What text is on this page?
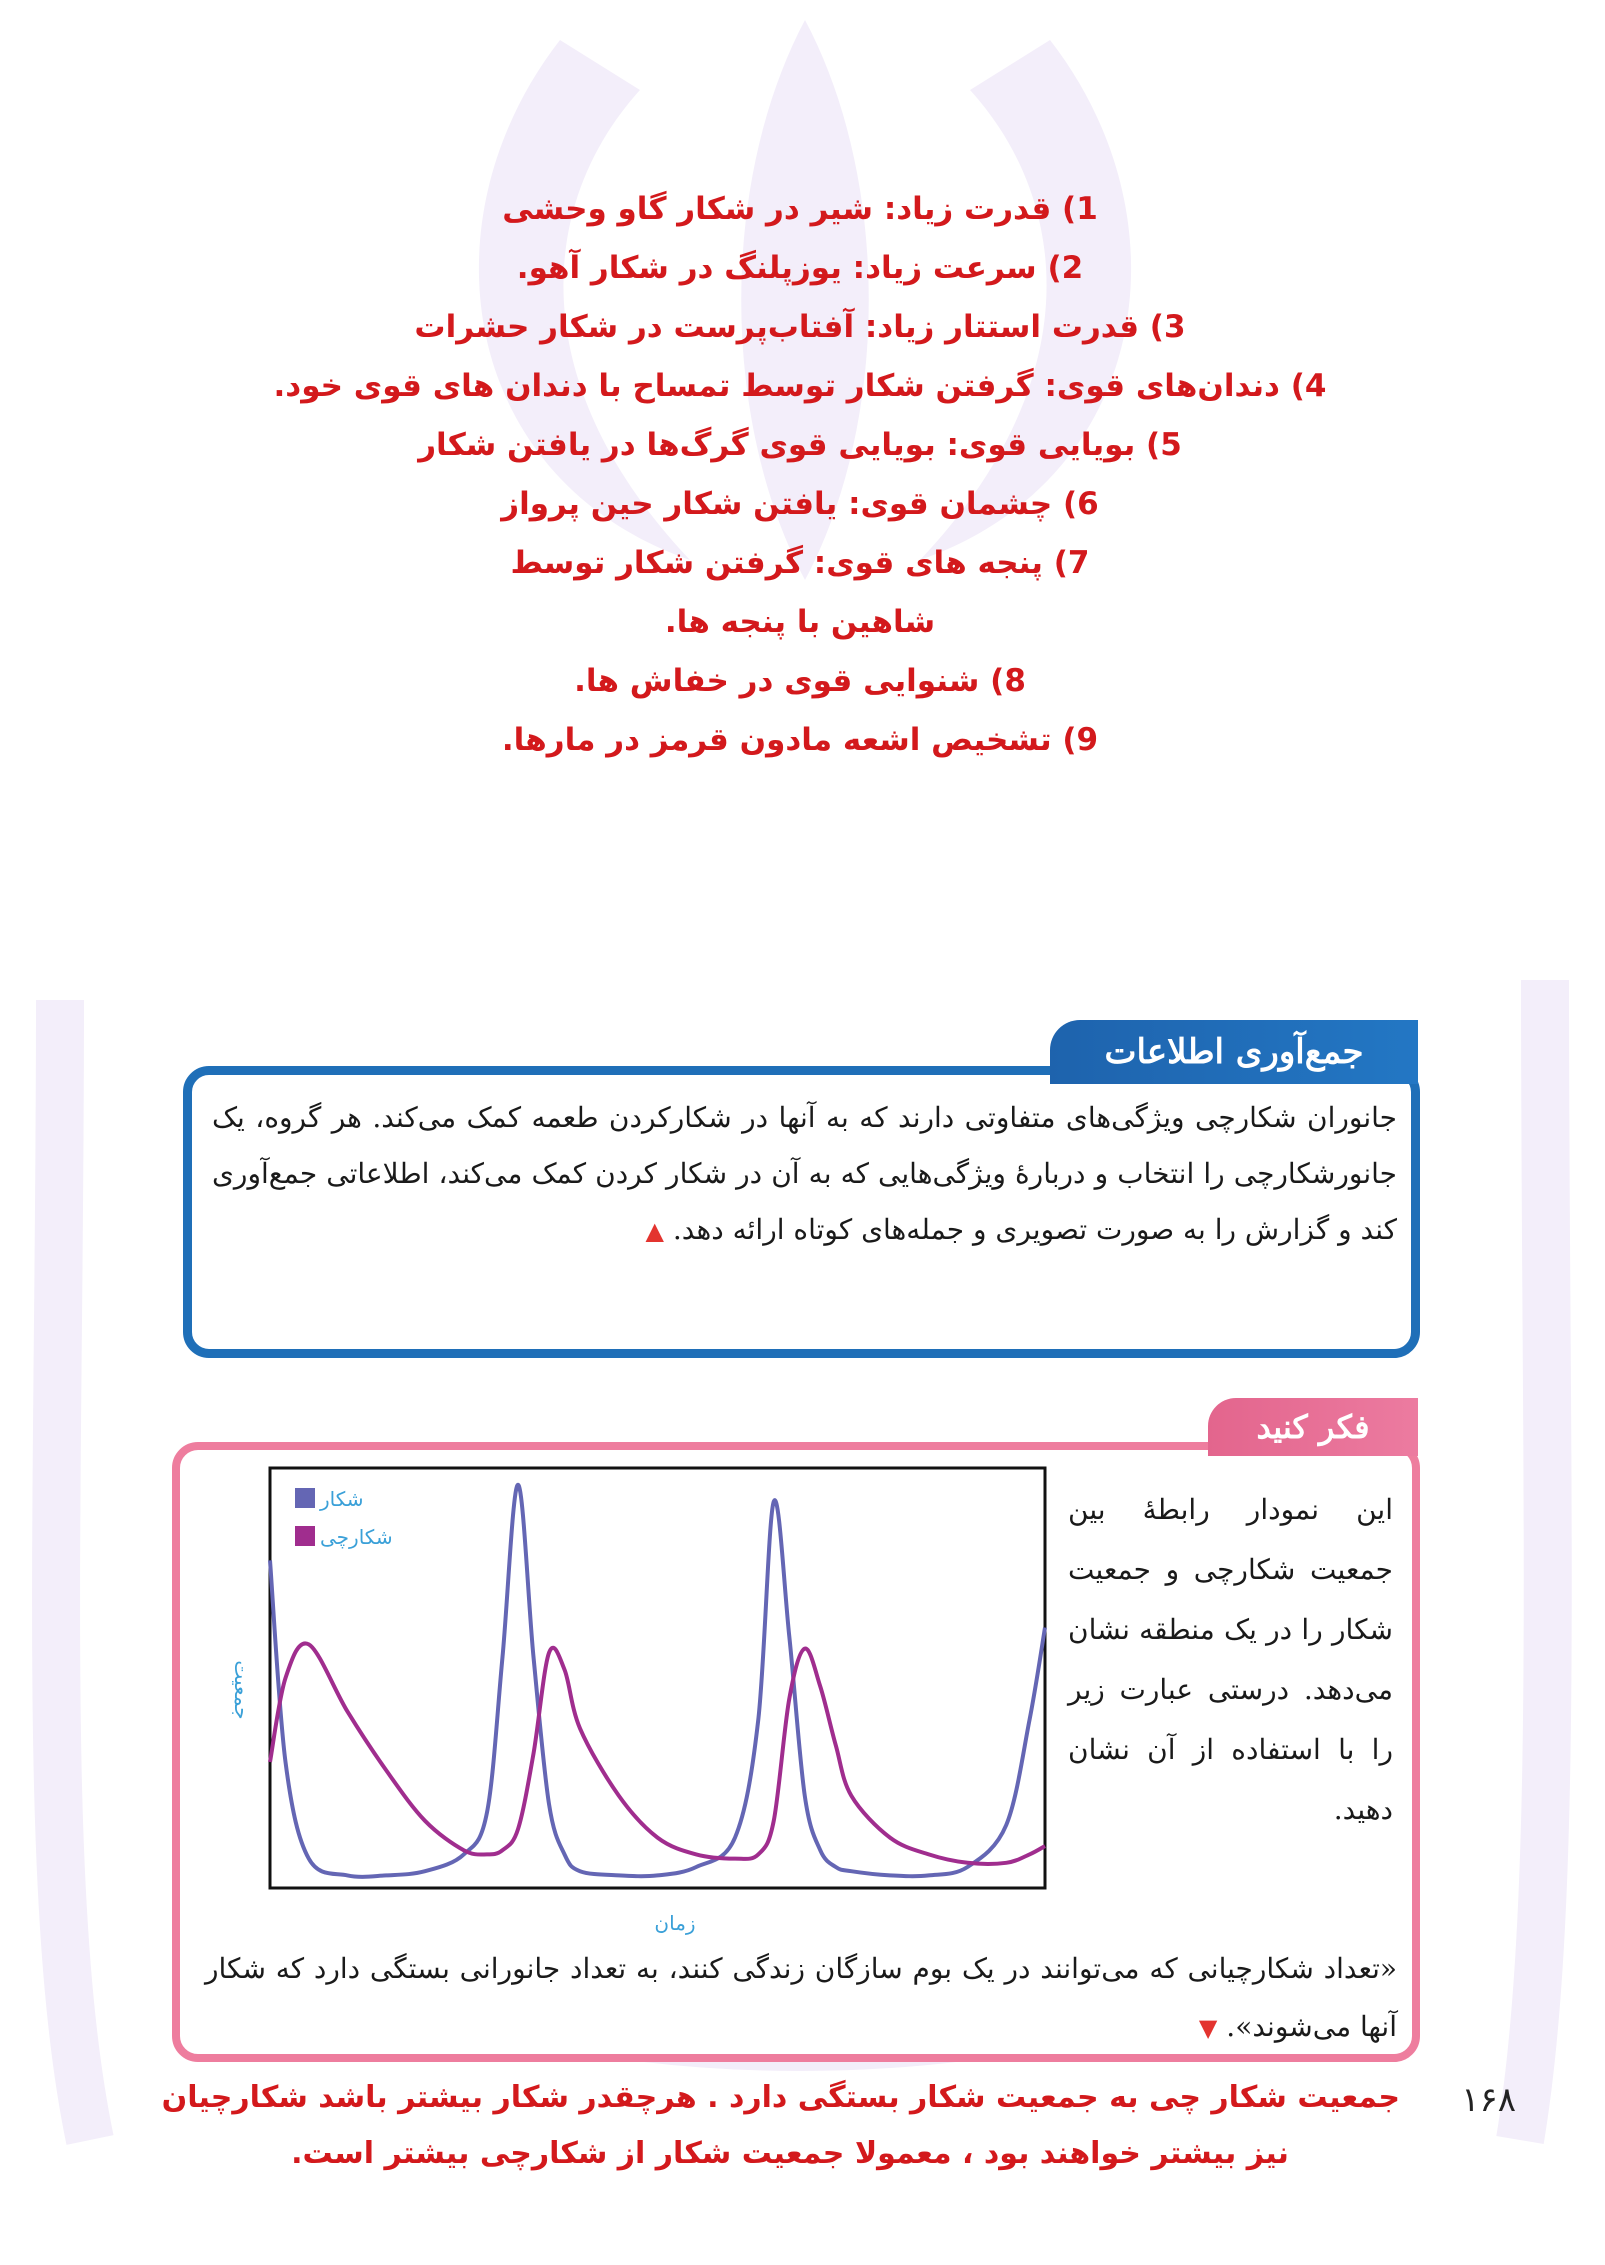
1) قدرت زیاد: شیر در شکار گاو وحشی
2) سرعت زیاد: یوزپلنگ در شکار آهو.
3) قدرت استتار زیاد: آفتاب‌پرست در شکار حشرات
4) دندان‌های قوی: گرفتن شکار توسط تمساح با دندان های قوی خود.
5) بویایی قوی: بویایی قوی گرگ‌ها در یافتن شکار
6) چشمان قوی: یافتن شکار حین پرواز
7) پنجه های قوی: گرفتن شکار توسط
شاهین با پنجه ها.
8) شنوایی قوی در خفاش ها.
9) تشخیص اشعه مادون قرمز در مارها.
جمع‌آوری اطلاعات
جانوران شکارچی ویژگی‌های متفاوتی دارند که به آنها در شکارکردن طعمه کمک می‌کند. هر گروه، یک جانورشکارچی را انتخاب و دربارۀ ویژگی‌هایی که به آن در شکار کردن کمک می‌کند، اطلاعاتی جمع‌آوری کند و گزارش را به صورت تصویری و جمله‌های کوتاه ارائه دهد. ▲
فکر کنید
این نمودار رابطۀ بین جمعیت شکارچی و جمعیت شکار را در یک منطقه نشان می‌دهد. درستی عبارت زیر را با استفاده از آن نشان دهید.
شکار
شکارچی
جمعیت
زمان
«تعداد شکارچیانی که می‌توانند در یک بوم سازگان زندگی کنند، به تعداد جانورانی بستگی دارد که شکار آنها می‌شوند». ▼
۱۶۸
جمعیت شکار چی به جمعیت شکار بستگی دارد . هرچقدر شکار بیشتر باشد شکارچیان
نیز بیشتر خواهند بود ، معمولا جمعیت شکار از شکارچی بیشتر است.
